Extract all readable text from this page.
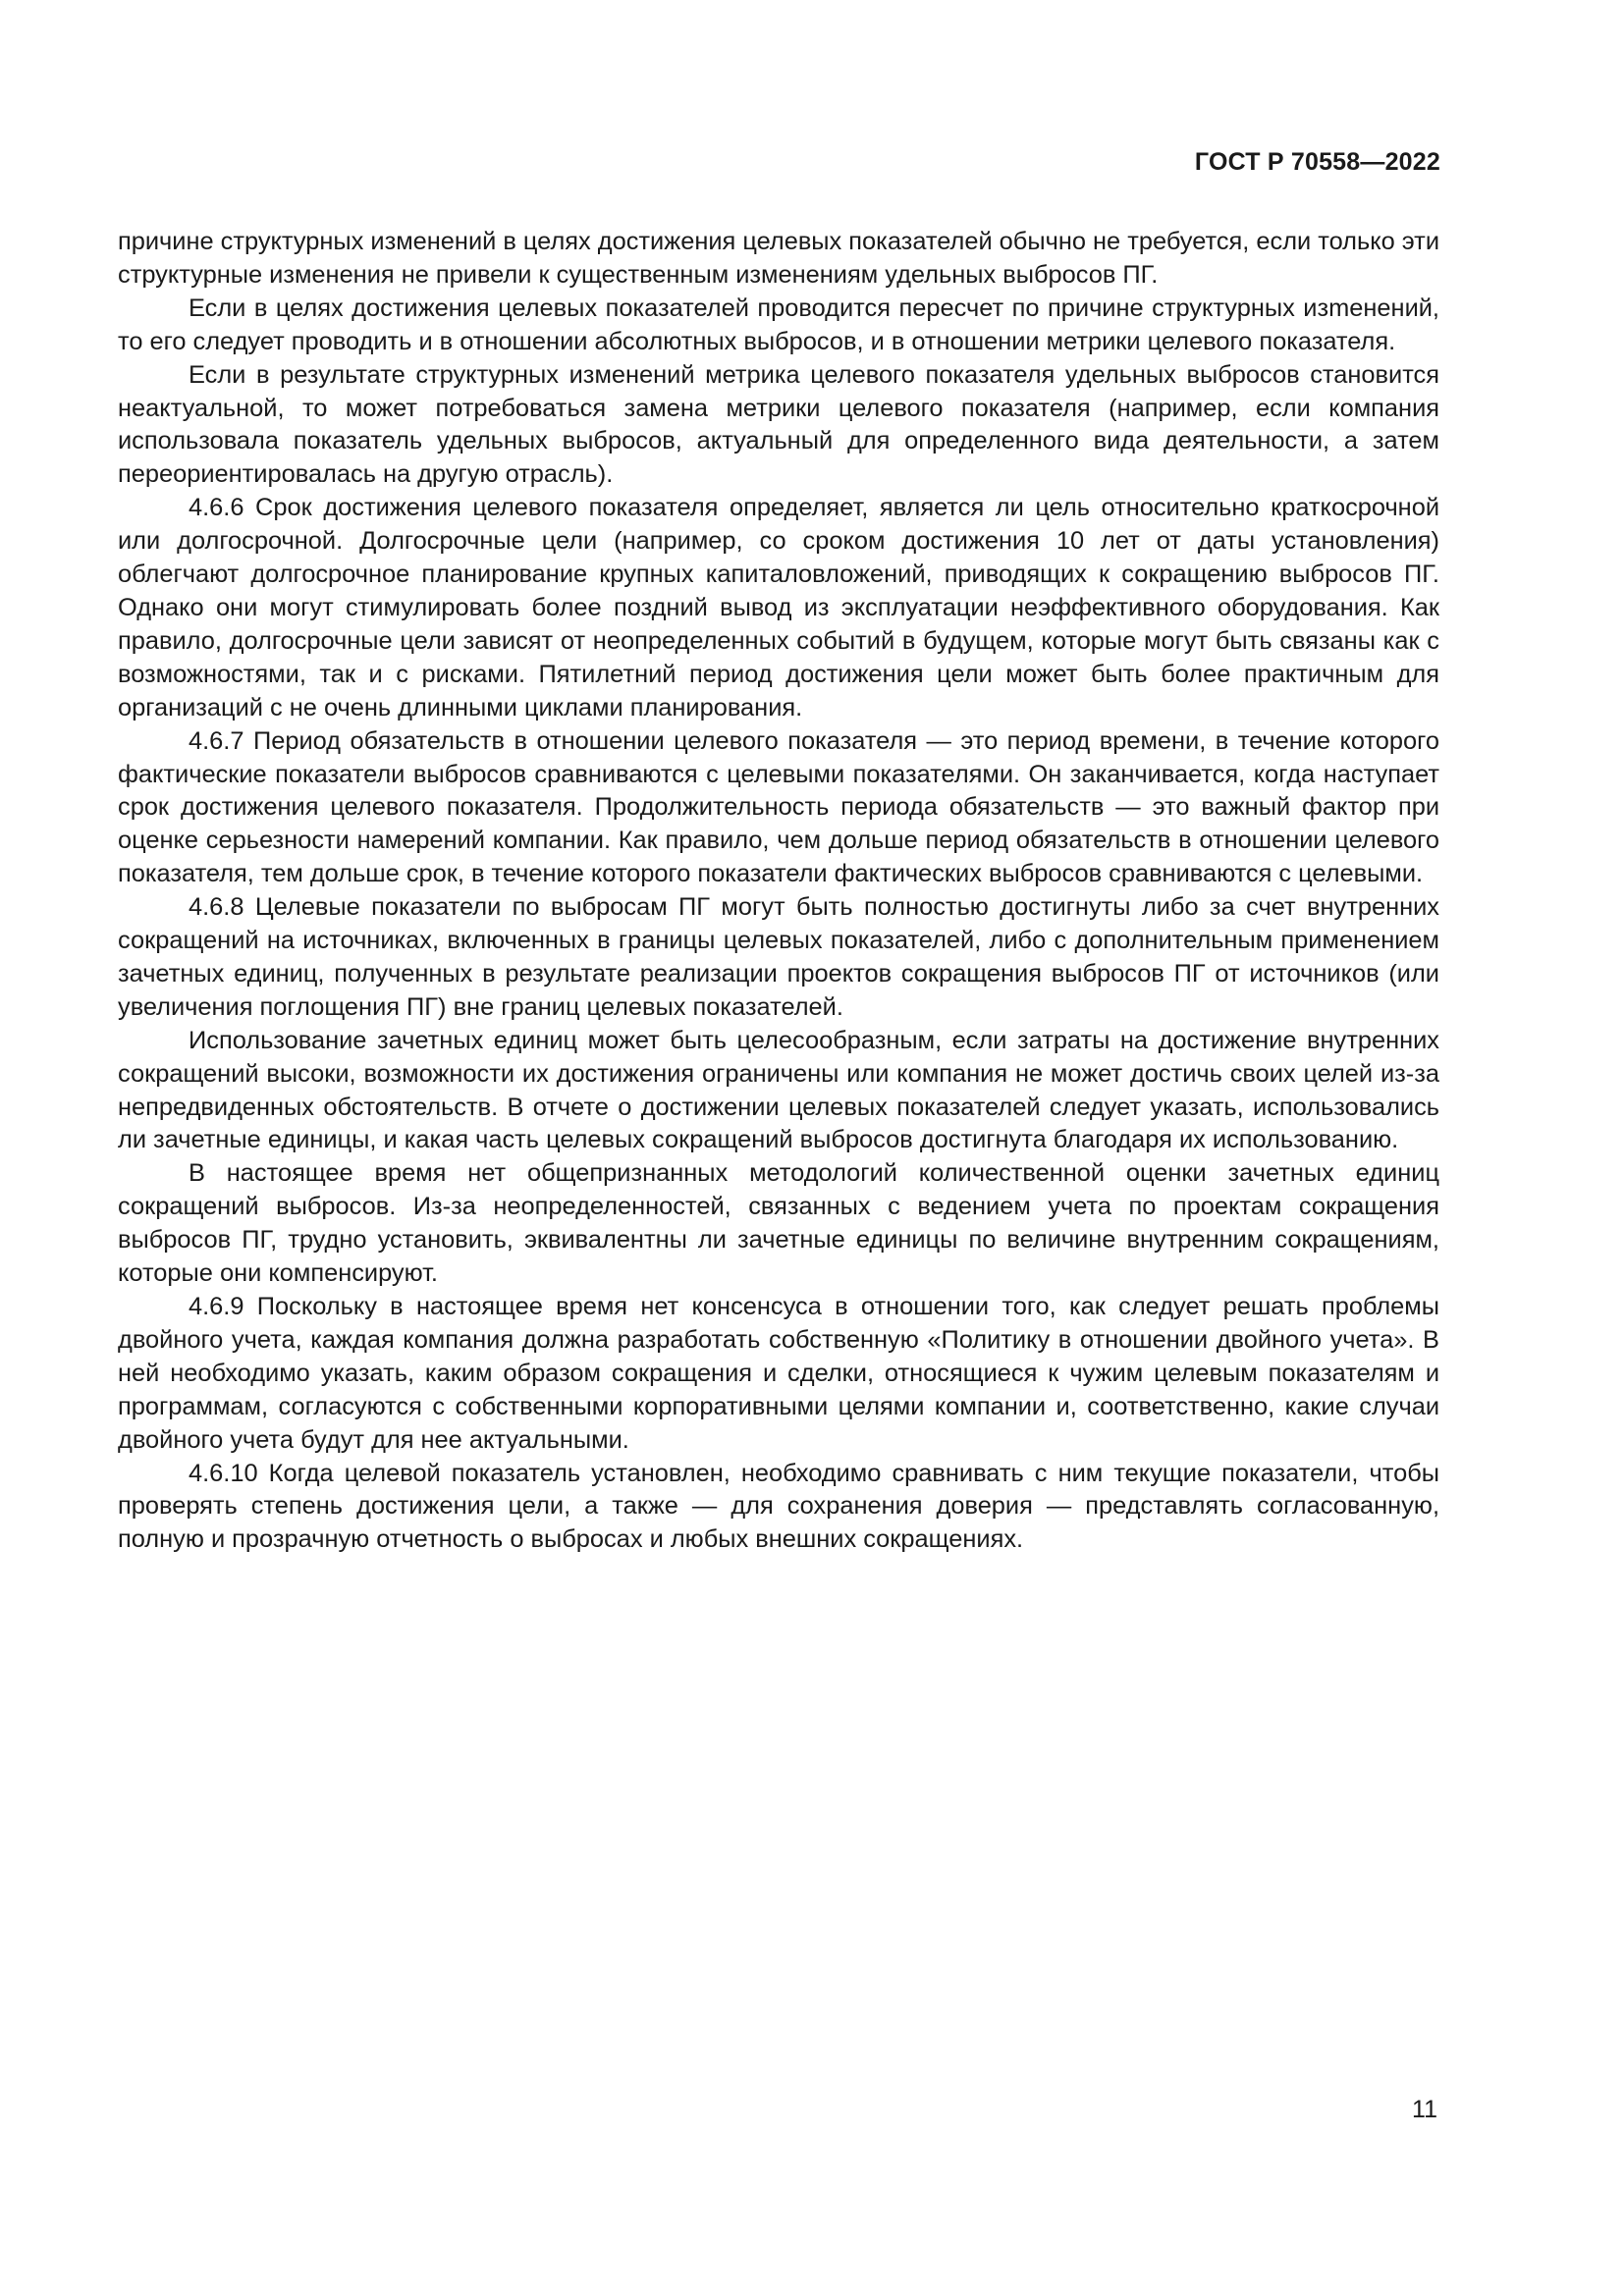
ГОСТ Р 70558—2022

причине структурных изменений в целях достижения целевых показателей обычно не требуется, если только эти структурные изменения не привели к существенным изменениям удельных выбросов ПГ.

Если в целях достижения целевых показателей проводится пересчет по причине структурных изmенений, то его следует проводить и в отношении абсолютных выбросов, и в отношении метрики целевого показателя.

Если в результате структурных изменений метрика целевого показателя удельных выбросов становится неактуальной, то может потребоваться замена метрики целевого показателя (например, если компания использовала показатель удельных выбросов, актуальный для определенного вида деятельности, а затем переориентировалась на другую отрасль).

4.6.6 Срок достижения целевого показателя определяет, является ли цель относительно краткосрочной или долгосрочной. Долгосрочные цели (например, со сроком достижения 10 лет от даты установления) облегчают долгосрочное планирование крупных капиталовложений, приводящих к сокращению выбросов ПГ. Однако они могут стимулировать более поздний вывод из эксплуатации неэффективного оборудования. Как правило, долгосрочные цели зависят от неопределенных событий в будущем, которые могут быть связаны как с возможностями, так и с рисками. Пятилетний период достижения цели может быть более практичным для организаций с не очень длинными циклами планирования.

4.6.7 Период обязательств в отношении целевого показателя — это период времени, в течение которого фактические показатели выбросов сравниваются с целевыми показателями. Он заканчивается, когда наступает срок достижения целевого показателя. Продолжительность периода обязательств — это важный фактор при оценке серьезности намерений компании. Как правило, чем дольше период обязательств в отношении целевого показателя, тем дольше срок, в течение которого показатели фактических выбросов сравниваются с целевыми.

4.6.8 Целевые показатели по выбросам ПГ могут быть полностью достигнуты либо за счет внутренних сокращений на источниках, включенных в границы целевых показателей, либо с дополнительным применением зачетных единиц, полученных в результате реализации проектов сокращения выбросов ПГ от источников (или увеличения поглощения ПГ) вне границ целевых показателей.

Использование зачетных единиц может быть целесообразным, если затраты на достижение внутренних сокращений высоки, возможности их достижения ограничены или компания не может достичь своих целей из-за непредвиденных обстоятельств. В отчете о достижении целевых показателей следует указать, использовались ли зачетные единицы, и какая часть целевых сокращений выбросов достигнута благодаря их использованию.

В настоящее время нет общепризнанных методологий количественной оценки зачетных единиц сокращений выбросов. Из-за неопределенностей, связанных с ведением учета по проектам сокращения выбросов ПГ, трудно установить, эквивалентны ли зачетные единицы по величине внутренним сокращениям, которые они компенсируют.

4.6.9 Поскольку в настоящее время нет консенсуса в отношении того, как следует решать проблемы двойного учета, каждая компания должна разработать собственную «Политику в отношении двойного учета». В ней необходимо указать, каким образом сокращения и сделки, относящиеся к чужим целевым показателям и программам, согласуются с собственными корпоративными целями компании и, соответственно, какие случаи двойного учета будут для нее актуальными.

4.6.10 Когда целевой показатель установлен, необходимо сравнивать с ним текущие показатели, чтобы проверять степень достижения цели, а также — для сохранения доверия — представлять согласованную, полную и прозрачную отчетность о выбросах и любых внешних сокращениях.

11
